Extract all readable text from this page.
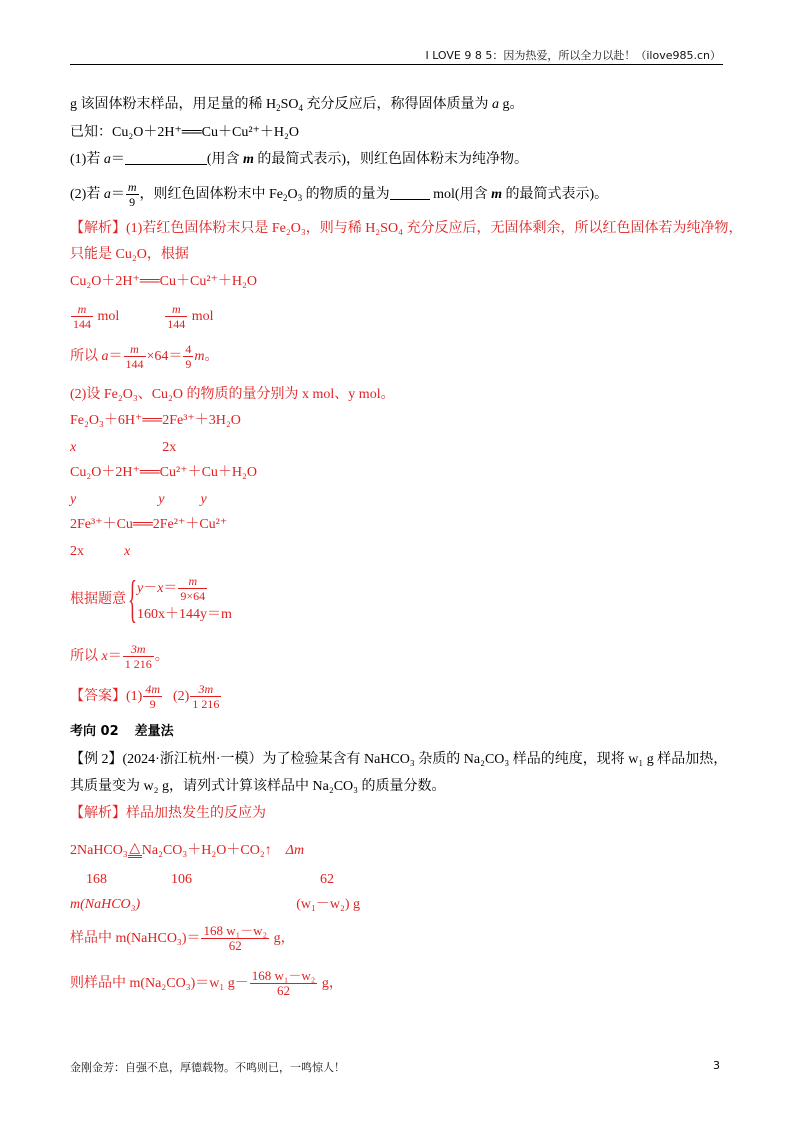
I LOVE 9 8 5：因为热爱，所以全力以赴！（ilove985.cn）
g 该固体粉末样品，用足量的稀 $H_2SO_4$ 充分反应后，称得固体质量为 a g。
已知：Cu₂O＋2H⁺══Cu＋Cu²⁺＋H₂O
(1)若 a＝	(用含 m 的最简式表示)，则红色固体粉末为纯净物。
(2)若 $a= \frac{m}{9}$ ，则红色固体粉末中 $Fe_2O_3$ 的物质的量为	mol(用含 m 的最简式表示)。
【解析】(1)若红色固体粉末只是 Fe₂O₃，则与稀 H₂SO₄ 充分反应后，无固体剩余，所以红色固体若为纯净物，
只能是 Cu₂O，根据
Cu₂O＋2H⁺══Cu＋Cu²⁺＋H₂O
$\frac{m}{144}$ mol	$\frac{m}{144}$ mol
所以 $a= \frac{m}{144} \times 64= \frac{4}{9}$ m。
(2)设 Fe₂O₃、Cu₂O 的物质的量分别为 x mol、y mol。
Fe₂O₃＋6H⁺══2Fe³⁺＋3H₂O
x	2x
Cu₂O＋2H⁺══Cu²⁺＋Cu＋H₂O
y	y	y
2Fe³⁺＋Cu══2Fe²⁺＋Cu²⁺
2x	x
根据题意{ $y-x= \frac{m}{9\times 64}$
160x＋144y＝m
所以 $x= \frac{3m}{1 216}$ 。
【答案】$(1) \frac{4m}{9} (2) \frac{3m}{1 216}$
考向 02 差量法
【例 2】(2024·浙江杭州·一模）为了检验某含有 NaHCO₃ 杂质的 Na₂CO₃ 样品的纯度，现将 w₁ g 样品加热，
其质量变为 w₂ g，请列式计算该样品中 Na₂CO₃ 的质量分数。
【解析】样品加热发生的反应为
2NaHCO₃ △ Na₂CO₃＋H₂O＋CO₂↑ Δm
168	106	62
m(NaHCO₃)	(w₁－w₂) g
样品中 m(NaHCO₃)＝ $\frac{\text{168 w₁－w₂}}{62}$ g，
则样品中 m(Na₂CO₃)＝w₁ $g- \frac{\text{168 w₁－w₂}}{62}$ g，
金刚金芳：自强不息，厚德载物。不鸣则已，一鸣惊人！	3
